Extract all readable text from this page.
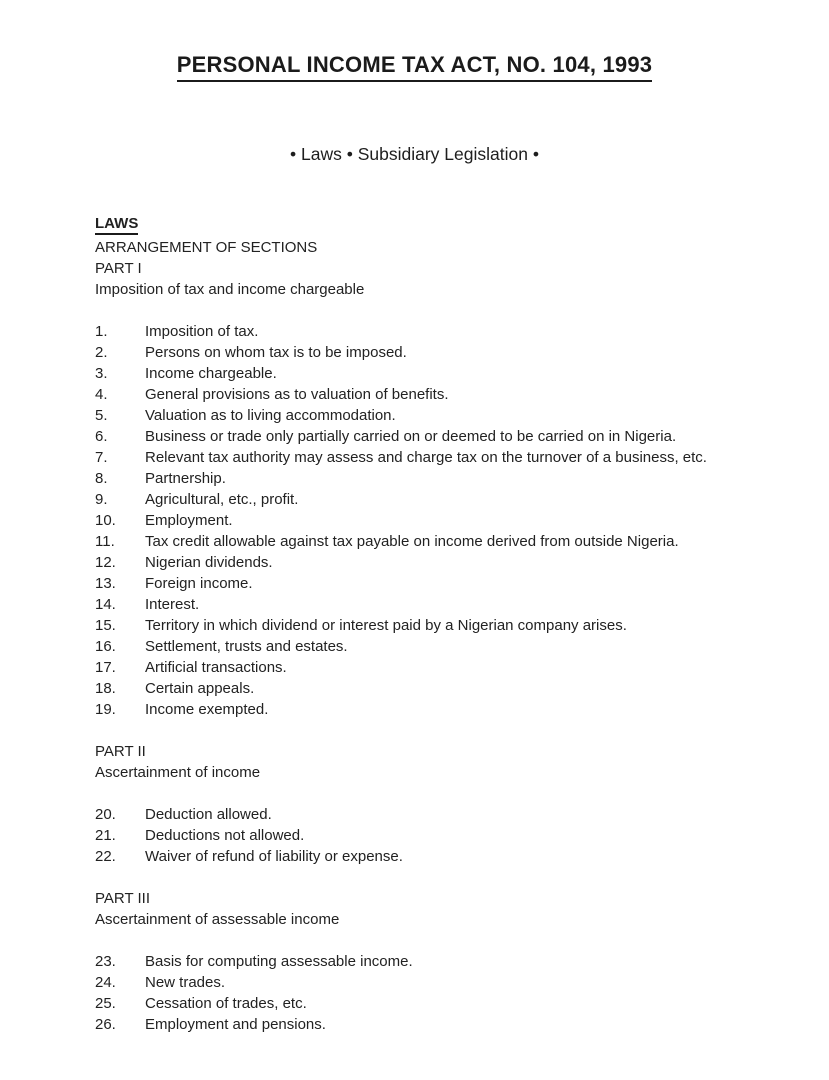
PERSONAL INCOME TAX ACT, NO. 104, 1993
• Laws • Subsidiary Legislation •
LAWS
ARRANGEMENT OF SECTIONS
PART I
Imposition of tax and income chargeable
1. Imposition of tax.
2. Persons on whom tax is to be imposed.
3. Income chargeable.
4. General provisions as to valuation of benefits.
5. Valuation as to living accommodation.
6. Business or trade only partially carried on or deemed to be carried on in Nigeria.
7. Relevant tax authority may assess and charge tax on the turnover of a business, etc.
8. Partnership.
9. Agricultural, etc., profit.
10. Employment.
11. Tax credit allowable against tax payable on income derived from outside Nigeria.
12. Nigerian dividends.
13. Foreign income.
14. Interest.
15. Territory in which dividend or interest paid by a Nigerian company arises.
16. Settlement, trusts and estates.
17. Artificial transactions.
18. Certain appeals.
19. Income exempted.
PART II
Ascertainment of income
20. Deduction allowed.
21. Deductions not allowed.
22. Waiver of refund of liability or expense.
PART III
Ascertainment of assessable income
23. Basis for computing assessable income.
24. New trades.
25. Cessation of trades, etc.
26. Employment and pensions.
